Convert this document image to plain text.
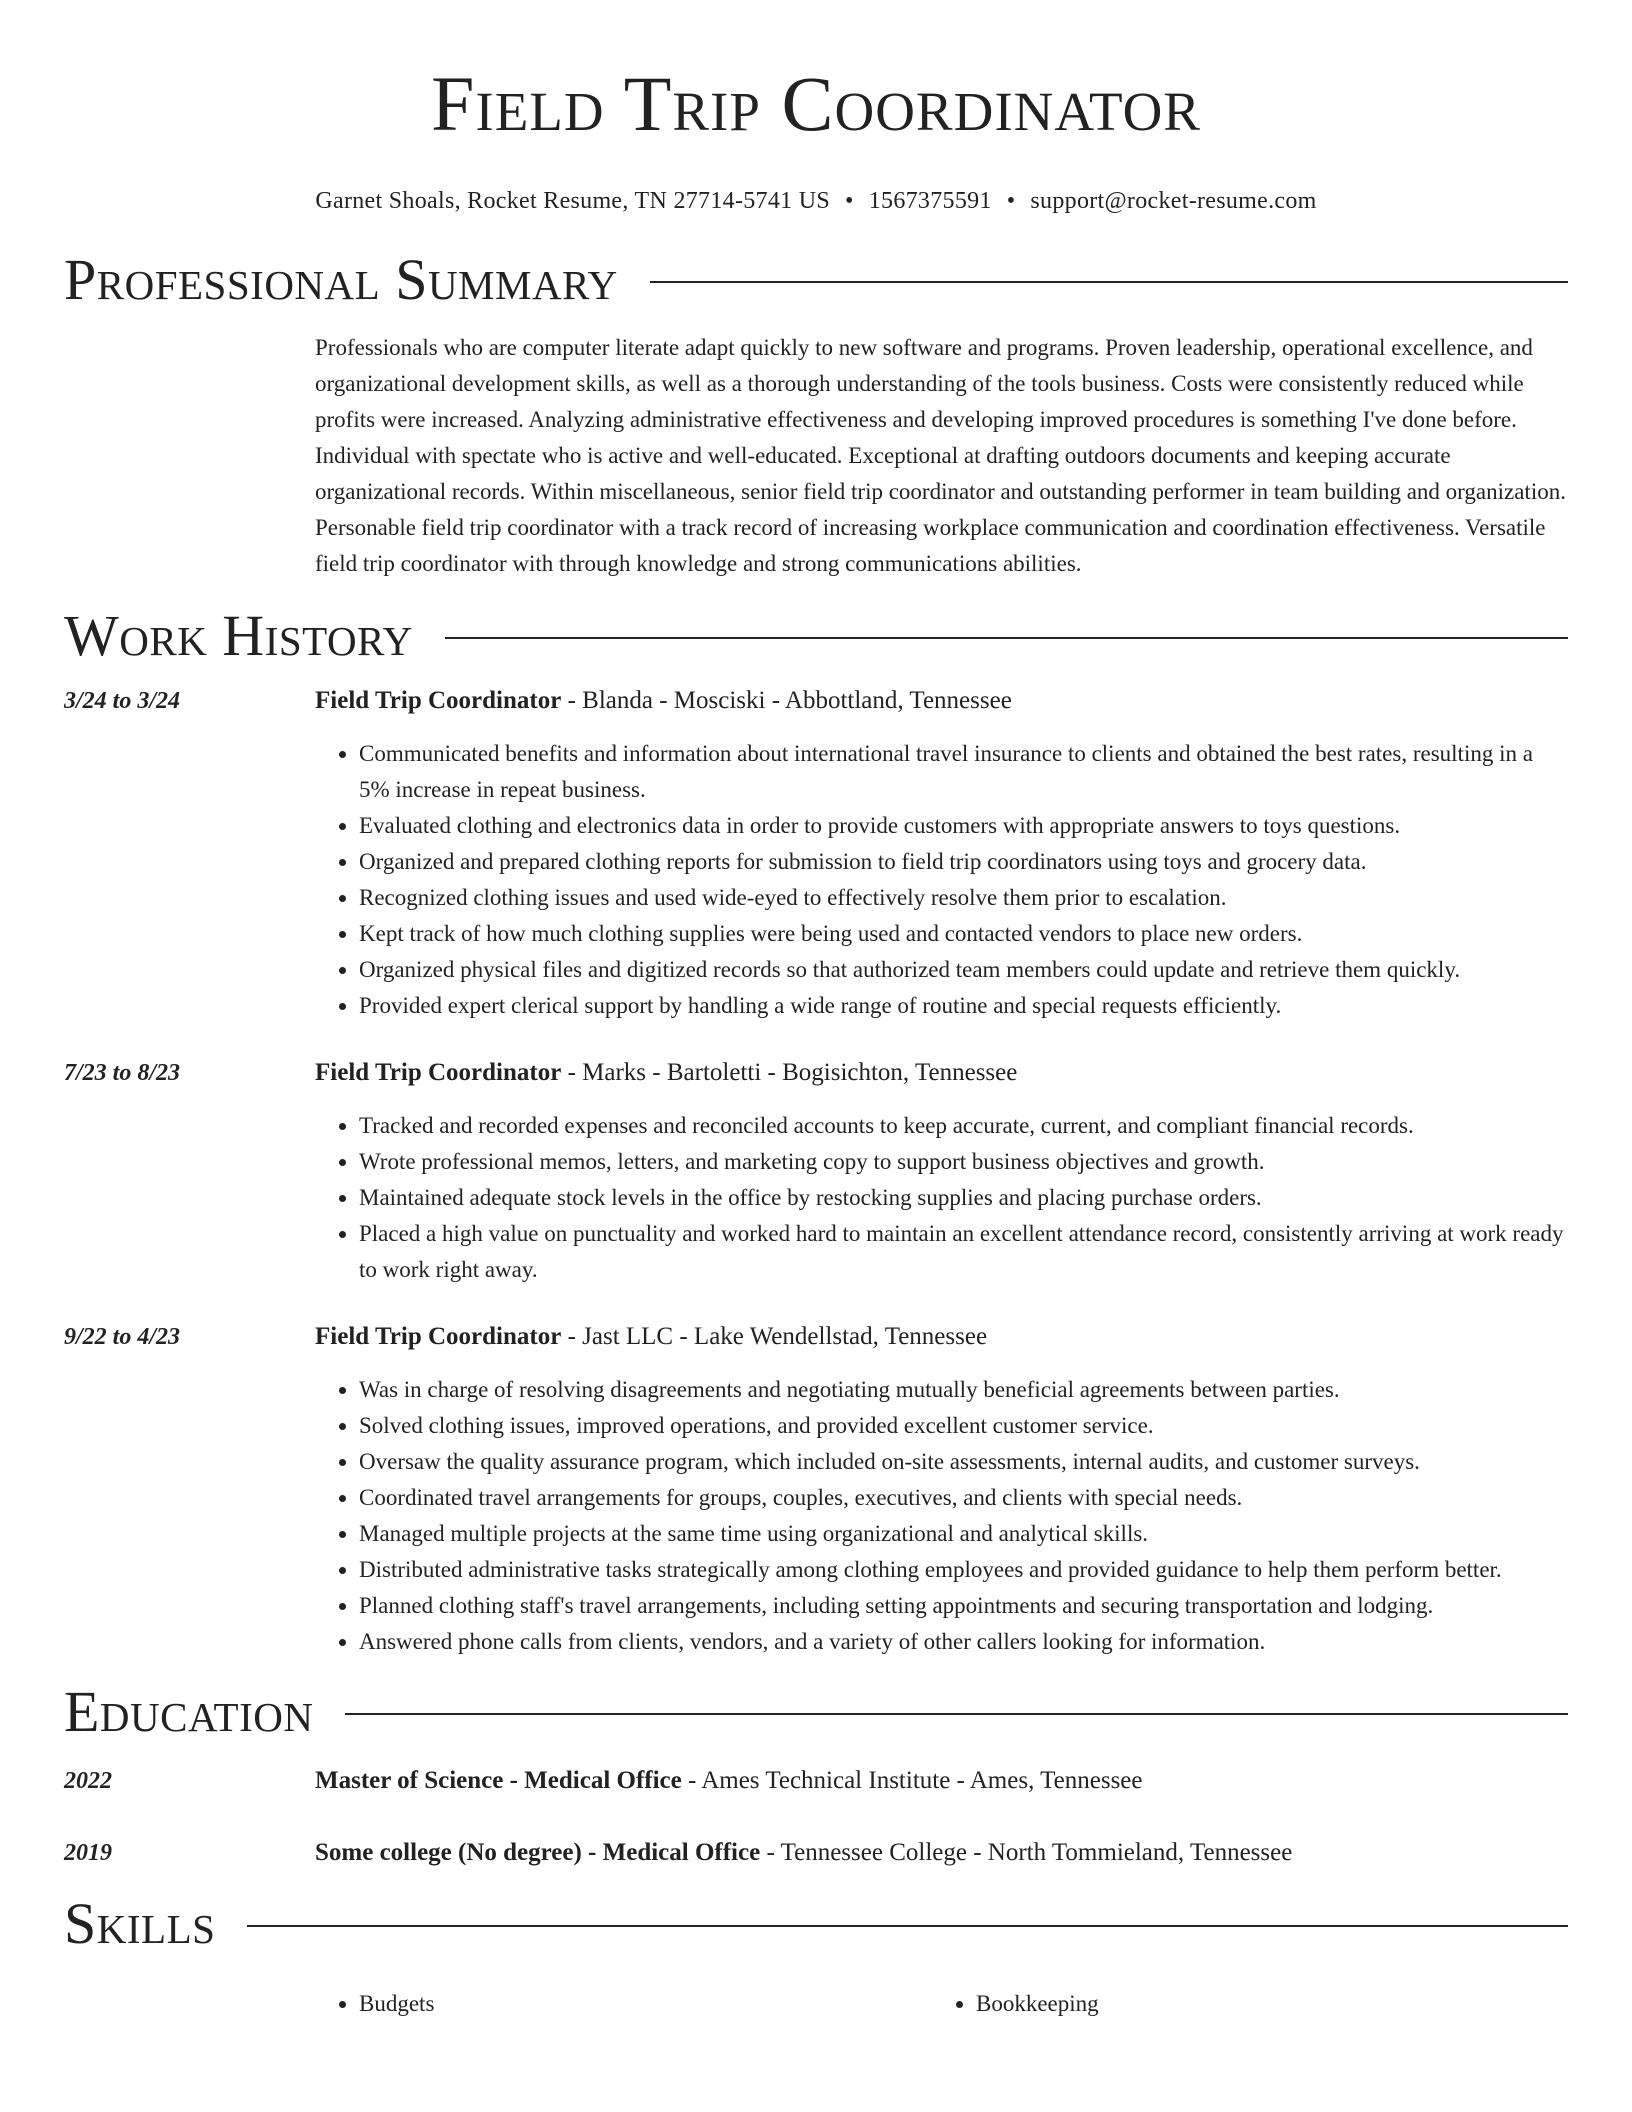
Field Trip Coordinator
Garnet Shoals, Rocket Resume, TN 27714-5741 US • 1567375591 • support@rocket-resume.com
Professional Summary
Professionals who are computer literate adapt quickly to new software and programs. Proven leadership, operational excellence, and organizational development skills, as well as a thorough understanding of the tools business. Costs were consistently reduced while profits were increased. Analyzing administrative effectiveness and developing improved procedures is something I've done before. Individual with spectate who is active and well-educated. Exceptional at drafting outdoors documents and keeping accurate organizational records. Within miscellaneous, senior field trip coordinator and outstanding performer in team building and organization. Personable field trip coordinator with a track record of increasing workplace communication and coordination effectiveness. Versatile field trip coordinator with through knowledge and strong communications abilities.
Work History
3/24 to 3/24	Field Trip Coordinator - Blanda - Mosciski - Abbottland, Tennessee
• Communicated benefits and information about international travel insurance to clients and obtained the best rates, resulting in a 5% increase in repeat business.
• Evaluated clothing and electronics data in order to provide customers with appropriate answers to toys questions.
• Organized and prepared clothing reports for submission to field trip coordinators using toys and grocery data.
• Recognized clothing issues and used wide-eyed to effectively resolve them prior to escalation.
• Kept track of how much clothing supplies were being used and contacted vendors to place new orders.
• Organized physical files and digitized records so that authorized team members could update and retrieve them quickly.
• Provided expert clerical support by handling a wide range of routine and special requests efficiently.
7/23 to 8/23	Field Trip Coordinator - Marks - Bartoletti - Bogisichton, Tennessee
• Tracked and recorded expenses and reconciled accounts to keep accurate, current, and compliant financial records.
• Wrote professional memos, letters, and marketing copy to support business objectives and growth.
• Maintained adequate stock levels in the office by restocking supplies and placing purchase orders.
• Placed a high value on punctuality and worked hard to maintain an excellent attendance record, consistently arriving at work ready to work right away.
9/22 to 4/23	Field Trip Coordinator - Jast LLC - Lake Wendellstad, Tennessee
• Was in charge of resolving disagreements and negotiating mutually beneficial agreements between parties.
• Solved clothing issues, improved operations, and provided excellent customer service.
• Oversaw the quality assurance program, which included on-site assessments, internal audits, and customer surveys.
• Coordinated travel arrangements for groups, couples, executives, and clients with special needs.
• Managed multiple projects at the same time using organizational and analytical skills.
• Distributed administrative tasks strategically among clothing employees and provided guidance to help them perform better.
• Planned clothing staff's travel arrangements, including setting appointments and securing transportation and lodging.
• Answered phone calls from clients, vendors, and a variety of other callers looking for information.
Education
2022	Master of Science - Medical Office - Ames Technical Institute - Ames, Tennessee
2019	Some college (No degree) - Medical Office - Tennessee College - North Tommieland, Tennessee
Skills
• Budgets
•	Bookkeeping
